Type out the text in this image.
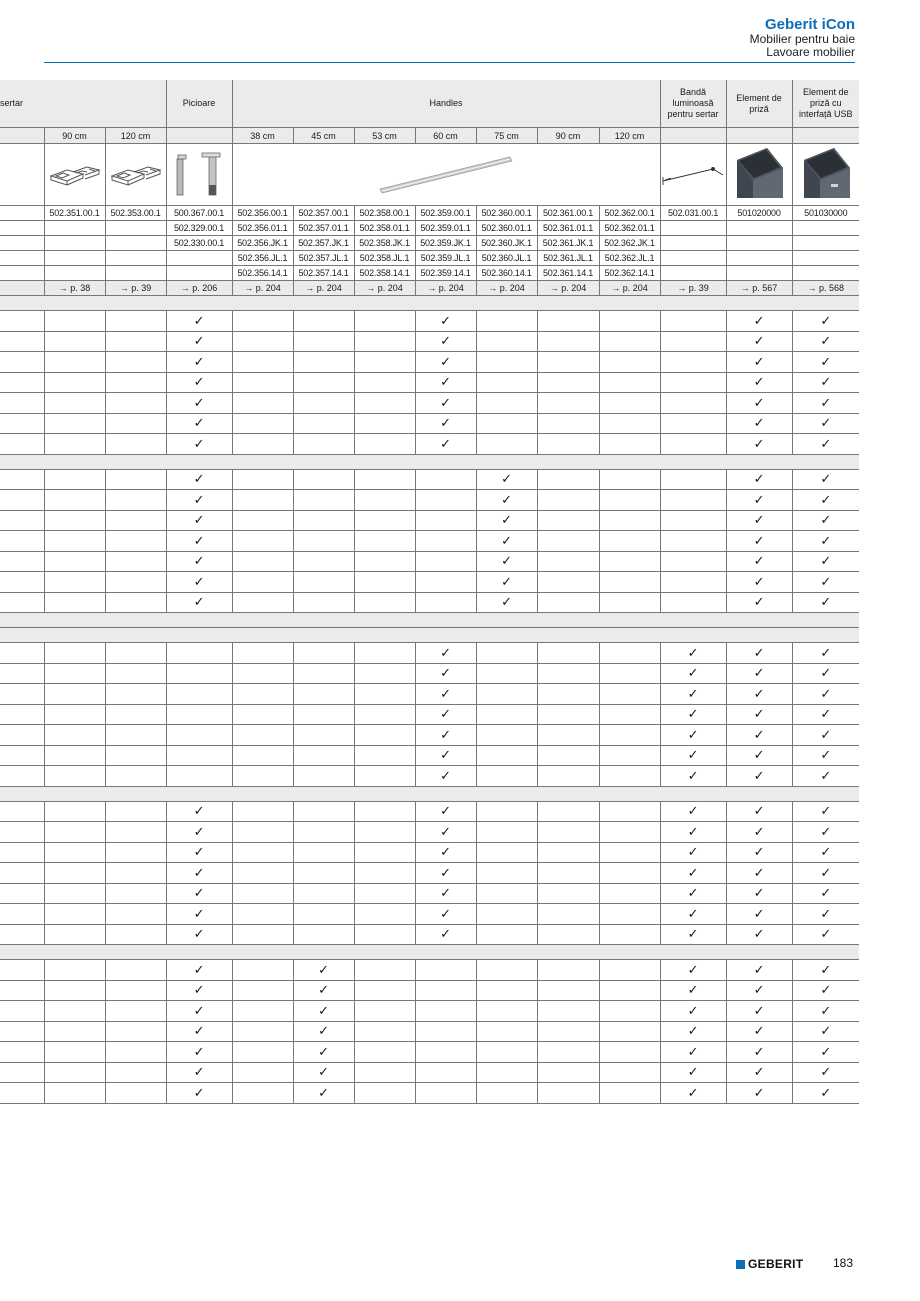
Geberit iCon
Mobilier pentru baie
Lavoare mobilier
sertar			Picioare	Handles							Bandă luminoasă pentru sertar	Element de priză	Element de priză cu interfață USB
	90 cm	120 cm		38 cm	45 cm	53 cm	60 cm	75 cm	90 cm	120 cm			

	502.351.00.1	502.353.00.1	500.367.00.1	502.356.00.1	502.357.00.1	502.358.00.1	502.359.00.1	502.360.00.1	502.361.00.1	502.362.00.1	502.031.00.1	501020000	501030000
			502.329.00.1	502.356.01.1	502.357.01.1	502.358.01.1	502.359.01.1	502.360.01.1	502.361.01.1	502.362.01.1			
			502.330.00.1	502.356.JK.1	502.357.JK.1	502.358.JK.1	502.359.JK.1	502.360.JK.1	502.361.JK.1	502.362.JK.1			
				502.356.JL.1	502.357.JL.1	502.358.JL.1	502.359.JL.1	502.360.JL.1	502.361.JL.1	502.362.JL.1			
				502.356.14.1	502.357.14.1	502.358.14.1	502.359.14.1	502.360.14.1	502.361.14.1	502.362.14.1			
	→ p. 38	→ p. 39	→ p. 206	→ p. 204	→ p. 204	→ p. 204	→ p. 204	→ p. 204	→ p. 204	→ p. 204	→ p. 39	→ p. 567	→ p. 568

			✓				✓					✓	✓
			✓				✓					✓	✓
			✓				✓					✓	✓
			✓				✓					✓	✓
			✓				✓					✓	✓
			✓				✓					✓	✓
			✓				✓					✓	✓

			✓					✓				✓	✓
			✓					✓				✓	✓
			✓					✓				✓	✓
			✓					✓				✓	✓
			✓					✓				✓	✓
			✓					✓				✓	✓
			✓					✓				✓	✓

							✓				✓	✓	✓
							✓				✓	✓	✓
							✓				✓	✓	✓
							✓				✓	✓	✓
							✓				✓	✓	✓
							✓				✓	✓	✓
							✓				✓	✓	✓

			✓				✓				✓	✓	✓
			✓				✓				✓	✓	✓
			✓				✓				✓	✓	✓
			✓				✓				✓	✓	✓
			✓				✓				✓	✓	✓
			✓				✓				✓	✓	✓
			✓				✓				✓	✓	✓

			✓		✓						✓	✓	✓
			✓		✓						✓	✓	✓
			✓		✓						✓	✓	✓
			✓		✓						✓	✓	✓
			✓		✓						✓	✓	✓
			✓		✓						✓	✓	✓
			✓		✓						✓	✓	✓
GEBERIT 183
